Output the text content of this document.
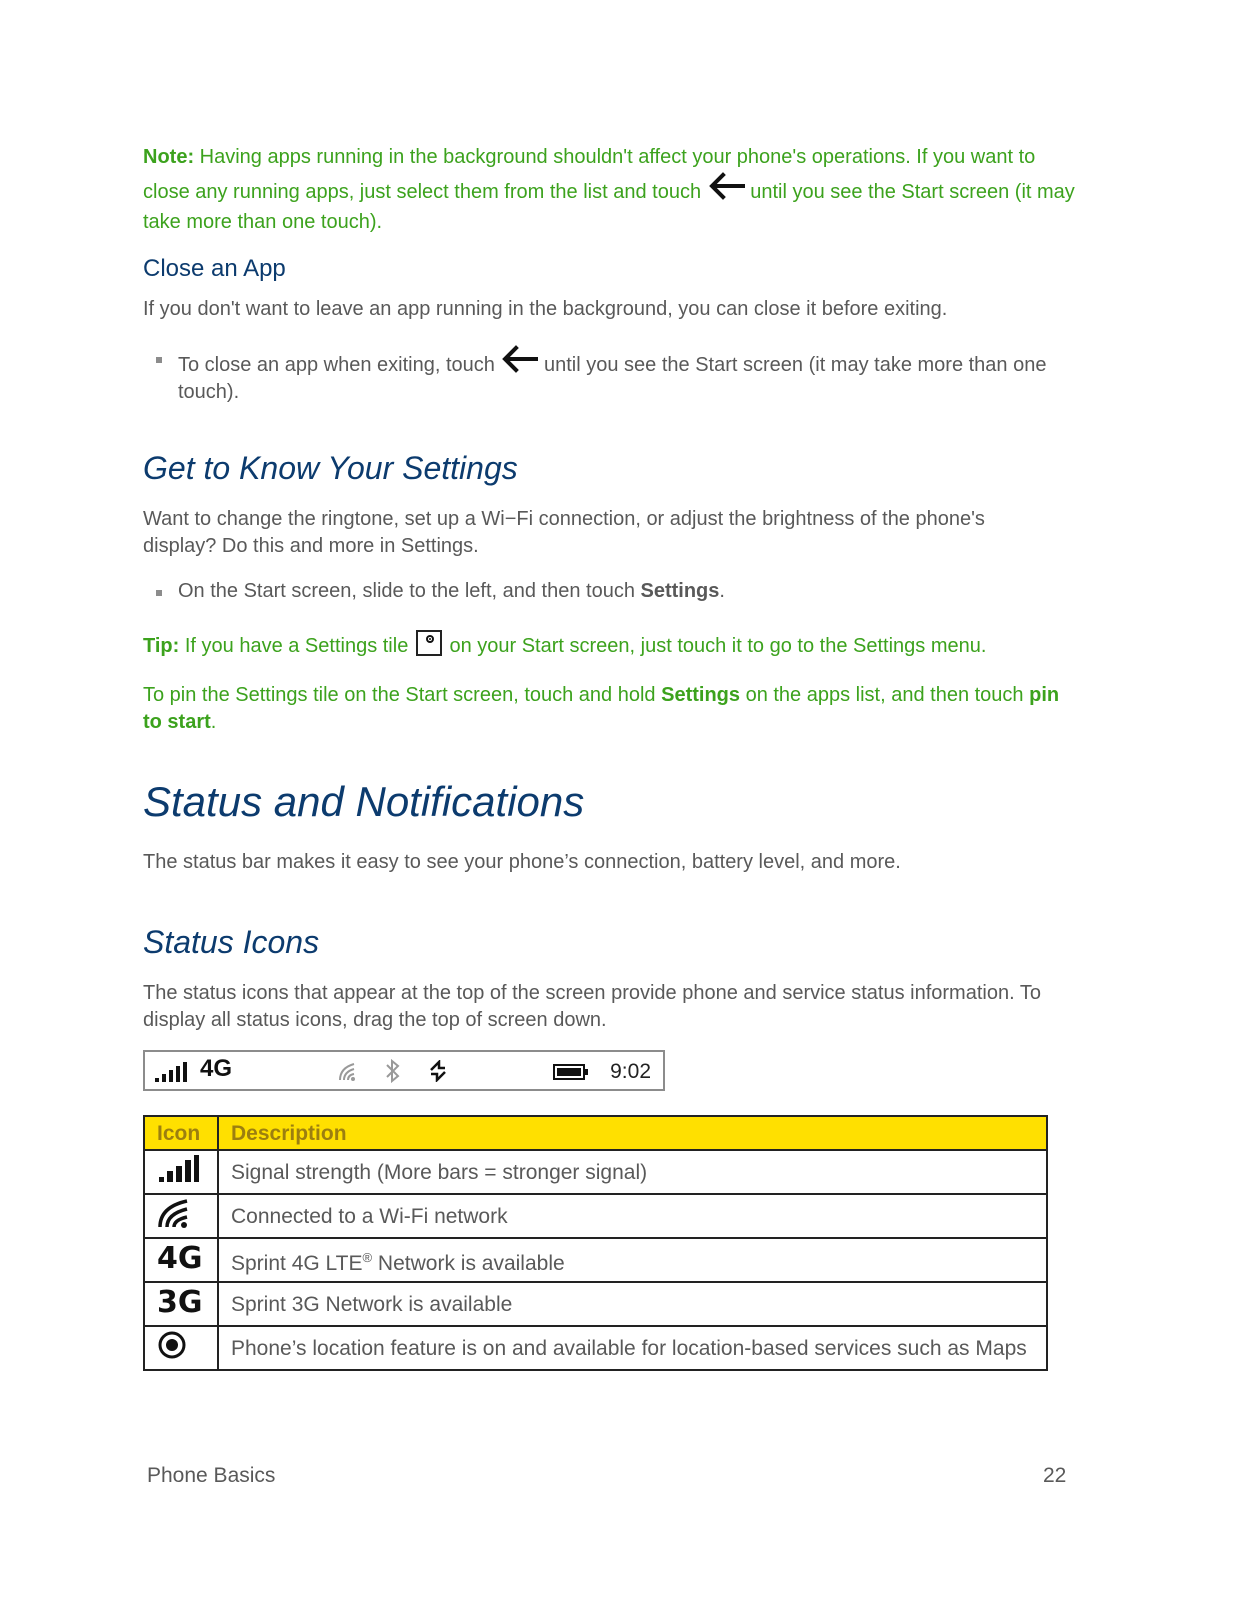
Note: Having apps running in the background shouldn't affect your phone's operations. If you want to close any running apps, just select them from the list and touch  until you see the Start screen (it may take more than one touch).

Close an App

If you don't want to leave an app running in the background, you can close it before exiting.

To close an app when exiting, touch  until you see the Start screen (it may take more than one touch).
Get to Know Your Settings

Want to change the ringtone, set up a Wi−Fi connection, or adjust the brightness of the phone's display? Do this and more in Settings.

On the Start screen, slide to the left, and then touch Settings.

Tip: If you have a Settings tile
on your Start screen, just touch it to go to the Settings menu.

To pin the Settings tile on the Start screen, touch and hold Settings on the apps list, and then touch pin to start.

Status and Notifications

The status bar makes it easy to see your phone’s connection, battery level, and more.

Status Icons

The status icons that appear at the top of the screen provide phone and service status information. To display all status icons, drag the top of screen down.

4G	9:02
Icon	Description
	Signal strength (More bars = stronger signal)
	Connected to a Wi-Fi network
4G	Sprint 4G LTE® Network is available
3G	Sprint 3G Network is available
	Phone’s location feature is on and available for location-based services such as Maps
Phone Basics	22
